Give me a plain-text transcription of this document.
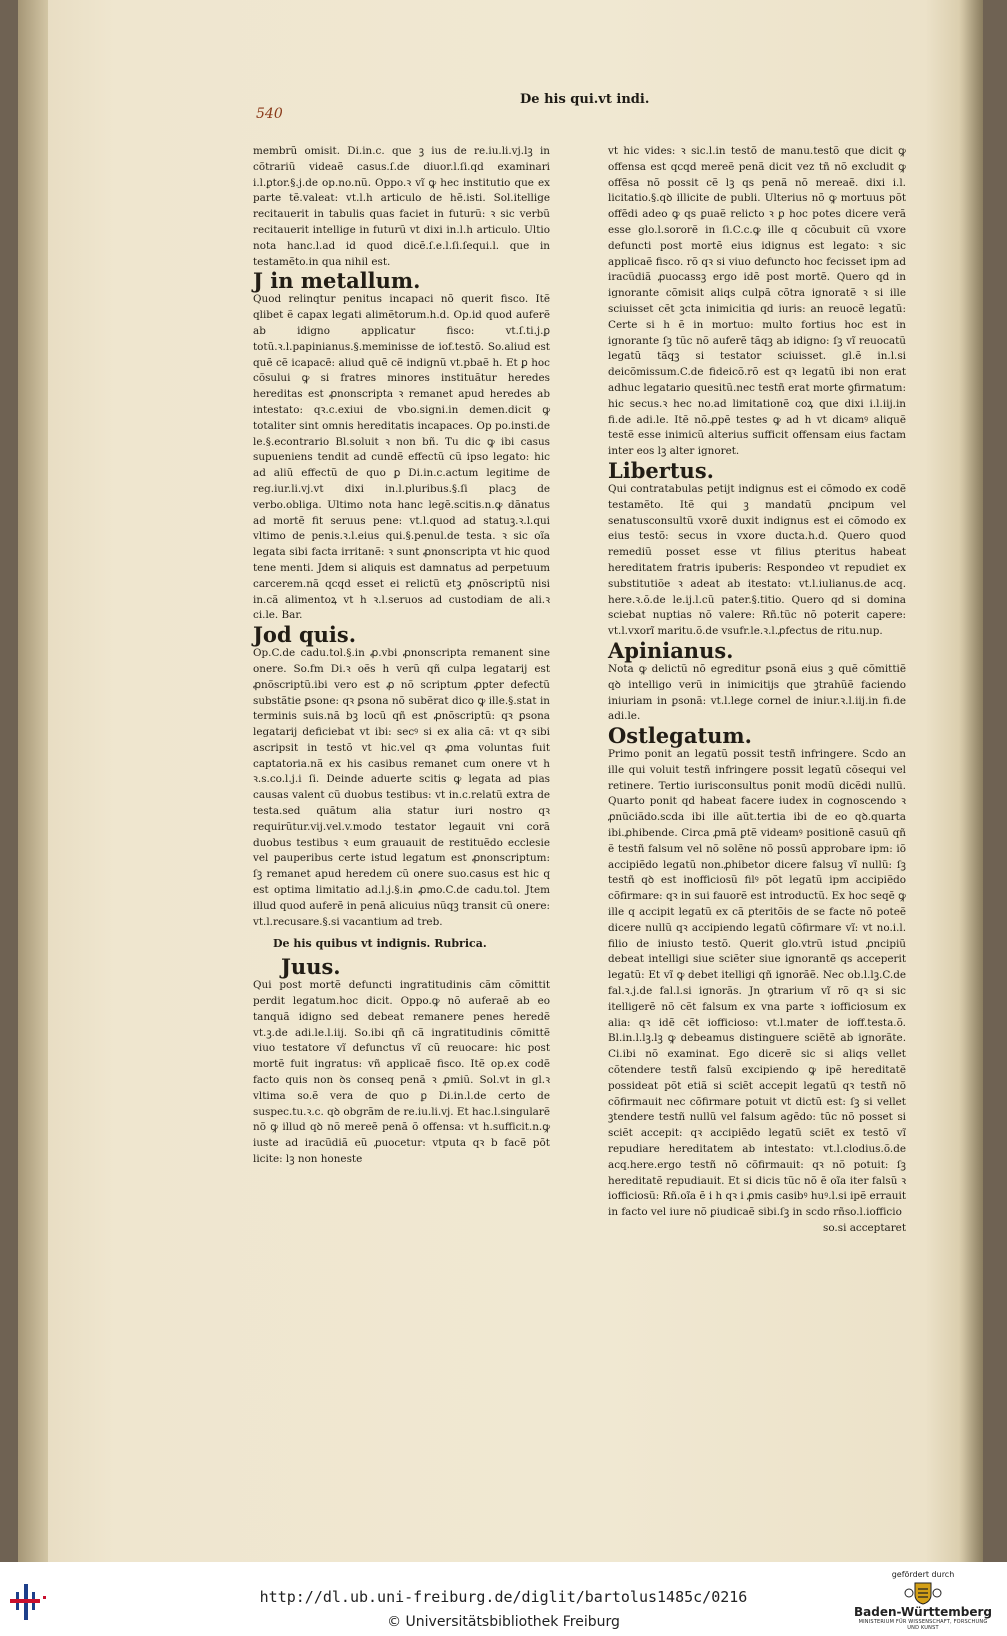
De his qui.vt indi.
540

membrũ omisit. Di.in.c. que ꝫ ius de re.iu.li.vj.lꝫ in cõtrariũ videaẽ casus.ſ.de diuor.l.ſi.qd examinari i.l.ꝑtor.§.j.de op.no.nũ. Oppo.ꝛ vĩ ꝙ hec institutio que ex parte tẽ.valeat: vt.l.h articulo de hẽ.isti. Sol.itellige recitauerit in tabulis quas faciet in futurũ: ꝛ sic verbũ recitauerit intellige in futurũ vt dixi in.l.h articulo. Ultio nota hanc.l.ad id quod dicẽ.ſ.e.l.ſi.ſequi.l. que in testamẽto.in qua nihil est.

J in metallum.

Quod relinqtur penitus incapaci nõ querit fisco. Itẽ qlibet ẽ capax legati alimẽtorum.h.d. Op.id quod auferẽ ab idigno applicatur fisco: vt.ſ.ti.j.ꝑ totũ.ꝛ.l.papinianus.§.meminisse de iof.testõ. So.aliud est quẽ cẽ icapacẽ: aliud quẽ cẽ indignũ vt.pbaẽ h. Et ꝑ hoc cõsului ꝙ si fratres minores instituãtur heredes hereditas est ꝓnonscripta ꝛ remanet apud heredes ab intestato: qꝛ.c.exiui de vbo.signi.in demen.dicit ꝙ totaliter sint omnis hereditatis incapaces. Op po.insti.de le.§.econtrario Bl.soluit ꝛ non bñ. Tu dic ꝙ ibi casus supueniens tendit ad cundẽ effectũ cũ ipso legato: hic ad aliũ effectũ de quo ꝑ Di.in.c.actum legitime de reg.iur.li.vj.vt dixi in.l.pluribus.§.ſi placꝫ de verbo.obliga. Ultimo nota hanc legẽ.scitis.n.ꝙ dãnatus ad mortẽ fit seruus pene: vt.l.quod ad statuꝫ.ꝛ.l.qui vltimo de penis.ꝛ.l.eius qui.§.penul.de testa. ꝛ sic oĩa legata sibi facta irritanẽ: ꝛ sunt ꝓnonscripta vt hic quod tene menti. Jdem si aliquis est damnatus ad perpetuum carcerem.nã qcqd esset ei relictũ etꝫ ꝓnõscriptũ nisi in.cã alimentoꝝ vt h ꝛ.l.seruos ad custodiam de ali.ꝛ ci.le. Bar.

Jod quis.

Op.C.de cadu.tol.§.in ꝓ.vbi ꝓnonscripta remanent sine onere. So.fm Di.ꝛ oẽs h verũ qñ culpa legatarij est ꝓnõscriptũ.ibi vero est ꝓ nõ scriptum ꝓpter defectũ substãtie ꝑsone: qꝛ ꝑsona nõ subẽrat dico ꝙ ille.§.stat in terminis suis.nã bꝫ locũ qñ est ꝓnõscriptũ: qꝛ ꝑsona legatarij deficiebat vt ibi: secꝰ si ex alia cã: vt qꝛ sibi ascripsit in testõ vt hic.vel qꝛ ꝓma voluntas fuit captatoria.nã ex his casibus remanet cum onere vt h ꝛ.s.co.l.j.i ſi. Deinde aduerte scitis ꝙ legata ad pias causas valent cũ duobus testibus: vt in.c.relatũ extra de testa.sed quãtum alia statur iuri nostro qꝛ requirũtur.vij.vel.v.modo testator legauit vni corã duobus testibus ꝛ eum grauauit de restituẽdo ecclesie vel pauperibus certe istud legatum est ꝓnonscriptum: ſꝫ remanet apud heredem cũ onere suo.casus est hic q est optima limitatio ad.l.j.§.in ꝓmo.C.de cadu.tol. Jtem illud quod auferẽ in penã alicuius nũqꝫ transit cũ onere: vt.l.recusare.§.si vacantium ad treb.

De his quibus vt indignis. Rubrica.
Juus.

Qui post mortẽ defuncti ingratitudinis cãm cõmittit perdit legatum.hoc dicit. Oppo.ꝙ nõ auferaẽ ab eo tanquã idigno sed debeat remanere penes heredẽ vt.ꝫ.de adi.le.l.iij. So.ibi qñ cã ingratitudinis cõmittẽ viuo testatore vĩ defunctus vĩ cũ reuocare: hic post mortẽ fuit ingratus: vñ applicaẽ fisco. Itẽ op.ex codẽ facto quis non ꝺs conseq penã ꝛ ꝓmiũ. Sol.vt in gl.ꝛ vltima so.ẽ vera de quo ꝑ Di.in.l.de certo de suspec.tu.ꝛ.c. qꝺ obgrãm de re.iu.li.vj. Et hac.l.singularẽ nõ ꝙ illud qꝺ nõ mereẽ penã õ offensa: vt h.sufficit.n.ꝙ iuste ad iracũdiã eũ ꝓuocetur: vtputa qꝛ b facẽ põt licite: lꝫ non honeste

vt hic vides: ꝛ sic.l.in testõ de manu.testõ que dicit ꝙ offensa est qcqd mereẽ penã dicit vez tñ nõ excludit ꝙ offẽsa nõ possit cẽ lꝫ qs penã nõ mereaẽ. dixi i.l. licitatio.§.qꝺ illicite de publi. Ulterius nõ ꝙ mortuus põt offẽdi adeo ꝙ qs ꝑuaẽ relicto ꝛ ꝑ hoc potes dicere verã esse glo.l.sororẽ in ſi.C.c.ꝙ ille q cõcubuit cũ vxore defuncti post mortẽ eius idignus est legato: ꝛ sic applicaẽ fisco. rõ qꝛ si viuo defuncto hoc fecisset ipm ad iracũdiã ꝓuocassꝫ ergo idẽ post mortẽ. Quero qd in ignorante cõmisit aliqs culpã cõtra ignoratẽ ꝛ si ille sciuisset cẽt ꝫcta inimicitia qd iuris: an reuocẽ legatũ: Certe si h ẽ in mortuo: multo fortius hoc est in ignorante ſꝫ tũc nõ auferẽ tãqꝫ ab idigno: ſꝫ vĩ reuocatũ legatũ tãqꝫ si testator sciuisset. gl.ẽ in.l.si deicõmissum.C.de fideicõ.rõ est qꝛ legatũ ibi non erat adhuc legatario quesitũ.nec testñ erat morte ꝯfirmatum: hic secus.ꝛ hec no.ad limitationẽ coꝝ que dixi i.l.iij.in fi.de adi.le. Itẽ nõ.ꝓpẽ testes ꝙ ad h vt dicamꝰ aliquẽ testẽ esse inimicũ alterius sufficit offensam eius factam inter eos lꝫ alter ignoret.

Libertus.

Qui contratabulas petijt indignus est ei cõmodo ex codẽ testamẽto. Itẽ qui ꝫ mandatũ ꝓncipum vel senatusconsultũ vxorẽ duxit indignus est ei cõmodo ex eius testõ: secus in vxore ducta.h.d. Quero quod remediũ posset esse vt filius ꝑteritus habeat hereditatem fratris ipuberis: Respondeo vt repudiet ex substitutiõe ꝛ adeat ab itestato: vt.l.iulianus.de acq. here.ꝛ.õ.de le.ij.l.cũ pater.§.titio. Quero qd si domina sciebat nuptias nõ valere: Rñ.tũc nõ poterit capere: vt.l.vxorĩ maritu.õ.de vsufr.le.ꝛ.l.ꝓfectus de ritu.nup.

Apinianus.

Nota ꝙ delictũ nõ egreditur ꝑsonã eius ꝫ quẽ cõmittiẽ qꝺ intelligo verũ in inimicitijs que ꝫtrahũẽ faciendo iniuriam in ꝑsonã: vt.l.lege cornel de iniur.ꝛ.l.iij.in fi.de adi.le.

Ostlegatum.

Primo ponit an legatũ possit testñ infringere. Scdo an ille qui voluit testñ infringere possit legatũ cõsequi vel retinere. Tertio iurisconsultus ponit modũ dicẽdi nullũ. Quarto ponit qd habeat facere iudex in cognoscendo ꝛ ꝓnũciãdo.scda ibi ille aũt.tertia ibi de eo qꝺ.quarta ibi.ꝓhibende. Circa ꝓmã ꝑtẽ videamꝰ positionẽ casuũ qñ ẽ testñ falsum vel nõ solẽne nõ possũ approbare ipm: iõ accipiẽdo legatũ non.ꝓhibetor dicere falsuꝫ vĩ nullũ: ſꝫ testñ qꝺ est inofficiosũ filꝰ põt legatũ ipm accipiẽdo cõfirmare: qꝛ in sui fauorẽ est introductũ. Ex hoc seqẽ ꝙ ille q accipit legatũ ex cã ꝑteritõis de se facte nõ poteẽ dicere nullũ qꝛ accipiendo legatũ cõfirmare vĩ: vt no.i.l. filio de iniusto testõ. Querit glo.vtrũ istud ꝓncipiũ debeat intelligi siue sciẽter siue ignorantẽ qs acceperit legatũ: Et vĩ ꝙ debet itelligi qñ ignorãẽ. Nec ob.l.lꝫ.C.de fal.ꝛ.j.de fal.l.si ignorãs. Jn ꝯtrarium vĩ rõ qꝛ si sic itelligerẽ nõ cẽt falsum ex vna parte ꝛ iofficiosum ex alia: qꝛ idẽ cẽt iofficioso: vt.l.mater de ioff.testa.õ. Bl.in.l.lꝫ.lꝫ ꝙ debeamus distinguere sciẽtẽ ab ignorãte. Ci.ibi nõ examinat. Ego dicerẽ sic si aliqs vellet cõtendere testñ falsũ excipiendo ꝙ ipẽ hereditatẽ possideat põt etiã si sciẽt accepit legatũ qꝛ testñ nõ cõfirmauit nec cõfirmare potuit vt dictũ est: ſꝫ si vellet ꝫtendere testñ nullũ vel falsum agẽdo: tũc nõ posset si sciẽt accepit: qꝛ accipiẽdo legatũ sciẽt ex testõ vĩ repudiare hereditatem ab intestato: vt.l.clodius.õ.de acq.here.ergo testñ nõ cõfirmauit: qꝛ nõ potuit: ſꝫ hereditatẽ repudiauit. Et si dicis tũc nõ ẽ oĩa iter falsũ ꝛ iofficiosũ: Rñ.oĩa ẽ i h qꝛ i ꝓmis casibꝰ huꝰ.l.si ipẽ errauit in facto vel iure nõ ꝑiudicaẽ sibi.ſꝫ in scdo rñso.l.iofficio

so.si acceptaret
http://dl.ub.uni-freiburg.de/diglit/bartolus1485c/0216
© Universitätsbibliothek Freiburg
gefördert durch
Baden-Württemberg
MINISTERIUM FÜR WISSENSCHAFT, FORSCHUNG UND KUNST
